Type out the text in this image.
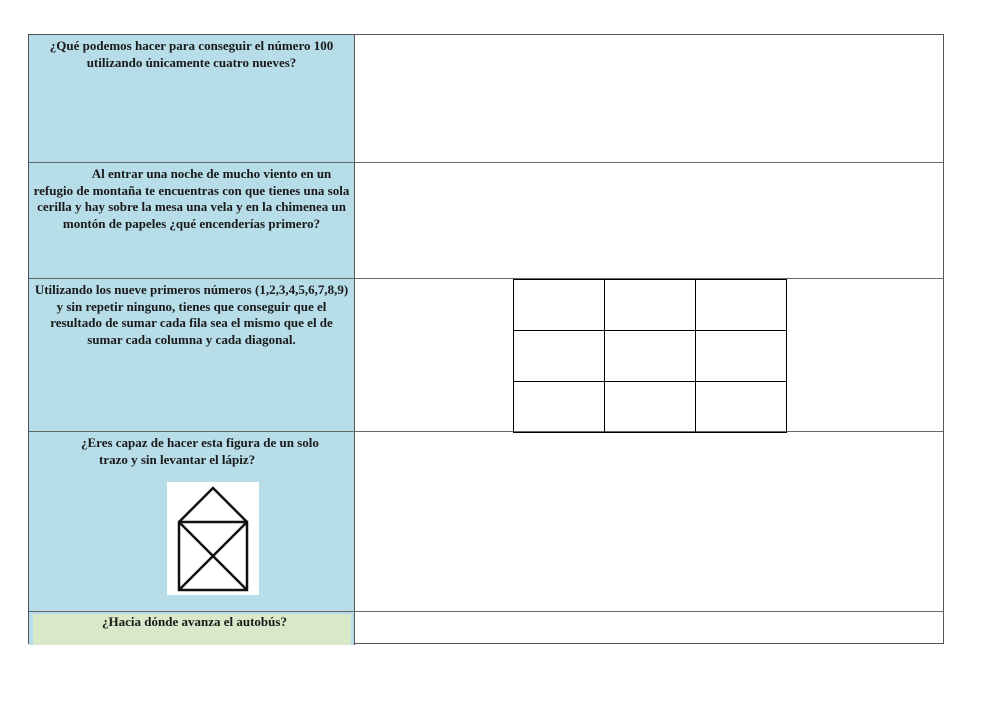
¿Qué podemos hacer para conseguir el número 100 utilizando únicamente cuatro nueves?
Al entrar una noche de mucho viento en un refugio de montaña te encuentras con que tienes una sola cerilla y hay sobre la mesa una vela y en la chimenea un montón de papeles ¿qué encenderías primero?
Utilizando los nueve primeros números (1,2,3,4,5,6,7,8,9) y sin repetir ninguno, tienes que conseguir que el resultado de sumar cada fila sea el mismo que el de sumar cada columna y cada diagonal.

¿Eres capaz de hacer esta figura de un solo trazo y sin levantar el lápiz?
¿Hacia dónde avanza el autobús?
